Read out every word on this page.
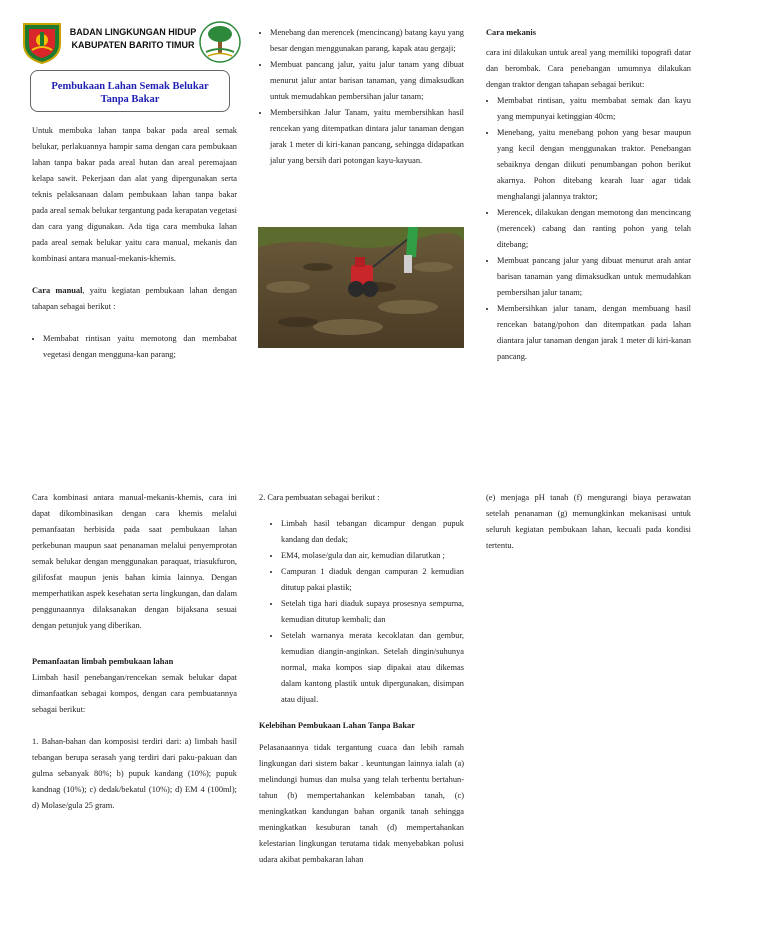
BADAN LINGKUNGAN HIDUP
KABUPATEN BARITO TIMUR
Pembukaan Lahan Semak Belukar
Tanpa Bakar

Untuk membuka lahan tanpa bakar pada areal semak belukar, perlakuannya hampir sama dengan cara pembukaan lahan tanpa bakar pada areal hutan dan areal peremajaan kelapa sawit. Pekerjaan dan alat yang dipergunakan serta teknis pelaksanaan dalam pembukaan lahan tanpa bakar pada areal semak belukar tergantung pada kerapatan vegetasi dan cara yang digunakan. Ada tiga cara membuka lahan pada areal semak belukar yaitu cara manual, mekanis dan kombinasi antara manual-mekanis-khemis.

Cara manual, yaitu kegiatan pembukaan lahan dengan tahapan sebagai berikut :

• Membabat rintisan yaitu memotong dan membabat vegetasi dengan mengguna-kan parang;
• Menebang dan merencek (mencincang) batang kayu yang besar dengan menggunakan parang, kapak atau gergaji;
• Membuat pancang jalur, yaitu jalur tanam yang dibuat menurut jalur antar barisan tanaman, yang dimaksudkan untuk memudahkan pembersihan jalur tanam;
• Membersihkan Jalur Tanam, yaitu membersihkan hasil rencekan yang ditempatkan dintara jalur tanaman dengan jarak 1 meter di kiri-kanan pancang, sehingga didapatkan jalur yang bersih dari potongan kayu-kayuan.

Cara mekanis

cara ini dilakukan untuk areal yang memiliki topografi datar dan berombak. Cara penebangan umumnya dilakukan dengan traktor dengan tahapan sebagai berikut:

• Membabat rintisan, yaitu membabat semak dan kayu yang mempunyai ketinggian 40cm;
• Menebang, yaitu menebang pohon yang besar maupun yang kecil dengan menggunakan traktor. Penebangan sebaiknya dengan diikuti penumbangan pohon berikut akarnya. Pohon ditebang kearah luar agar tidak menghalangi jalannya traktor;
• Merencek, dilakukan dengan memotong dan mencincang (merencek) cabang dan ranting pohon yang telah ditebang;
• Membuat pancang jalur yang dibuat menurut arah antar barisan tanaman yang dimaksudkan untuk memudahkan pembersihan jalur tanam;
• Membersihkan jalur tanam, dengan membuang hasil rencekan batang/pohon dan ditempatkan pada lahan diantara jalur tanaman dengan jarak 1 meter di kiri-kanan pancang.

Cara kombinasi antara manual-mekanis-khemis, cara ini dapat dikombinasikan dengan cara khemis melalui pemanfaatan herbisida pada saat pembukaan lahan perkebunan maupun saat penanaman melalui penyemprotan semak belukar dengan menggunakan paraquat, triasukfuron, gilifosfat maupun jenis bahan kimia lainnya. Dengan memperhatikan aspek kesehatan serta lingkungan, dan dalam penggunaannya dilaksanakan dengan bijaksana sesuai dengan petunjuk yang diberikan.

Pemanfaatan limbah pembukaan lahan

Limbah hasil penebangan/rencekan semak belukar dapat dimanfaatkan sebagai kompos, dengan cara pembuatannya sebagai berikut:

1. Bahan-bahan dan komposisi terdiri dari: a) limbah hasil tebangan berupa serasah yang terdiri dari paku-pakuan dan gulma sebanyak 80%; b) pupuk kandang (10%); pupuk kandnag (10%); c) dedak/bekatul (10%); d) EM 4 (100ml); d) Molase/gula 25 gram.

2. Cara pembuatan sebagai berikut :

• Limbah hasil tebangan dicampur dengan pupuk kandang dan dedak;
• EM4, molase/gula dan air, kemudian dilarutkan ;
• Campuran 1 diaduk dengan campuran 2 kemudian ditutup pakai plastik;
• Setelah tiga hari diaduk supaya prosesnya sempurna, kemudian ditutup kembali; dan
• Setelah warnanya merata kecoklatan dan gembur, kemudian diangin-anginkan. Setelah dingin/suhunya normal, maka kompos siap dipakai atau dikemas dalam kantong plastik untuk dipergunakan, disimpan atau dijual.

Kelebihan Pembukaan Lahan Tanpa Bakar

Pelasanaannya tidak tergantung cuaca dan lebih ramah lingkungan dari sistem bakar . keuntungan lainnya ialah (a) melindungi humus dan mulsa yang telah terbentu bertahun-tahun (b) mempertahankan kelembaban tanah, (c) meningkatkan kandungan bahan organik tanah sehingga meningkatkan kesuburan tanah (d) mempertahankan kelestarian lingkungan terutama tidak menyebabkan polusi udara akibat pembakaran lahan

(e) menjaga pH tanah (f) mengurangi biaya perawatan setelah penanaman (g) memungkinkan mekanisasi untuk seluruh kegiatan pembukaan lahan, kecuali pada kondisi tertentu.
